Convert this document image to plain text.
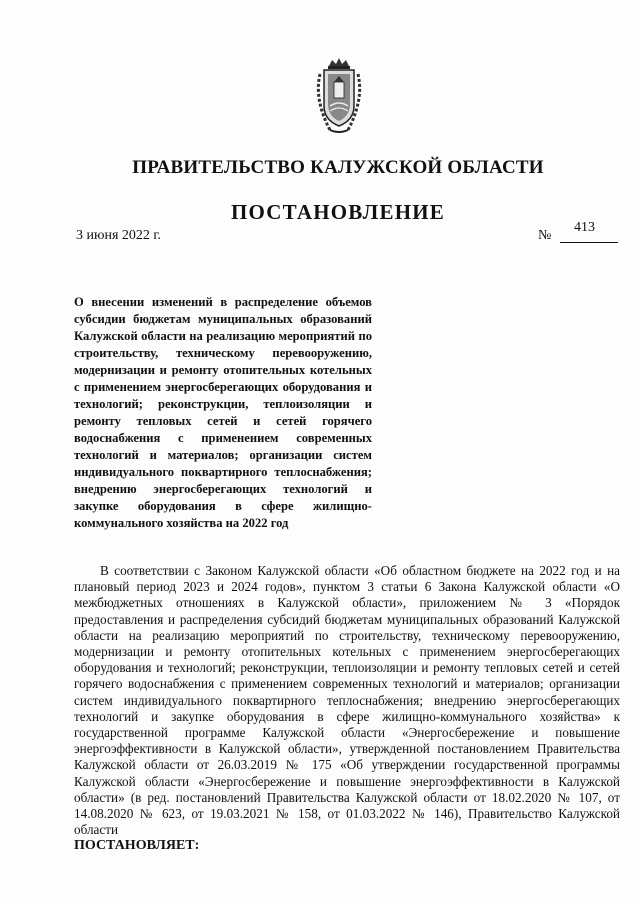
ПРАВИТЕЛЬСТВО КАЛУЖСКОЙ ОБЛАСТИ
ПОСТАНОВЛЕНИЕ
3 июня 2022 г.	№
413
О внесении изменений в распределение объемов субсидии бюджетам муниципальных образований Калужской области на реализацию мероприятий по строительству, техническому перевооружению, модернизации и ремонту отопительных котельных с применением энергосберегающих оборудования и технологий; реконструкции, теплоизоляции и ремонту тепловых сетей и сетей горячего водоснабжения с применением современных технологий и материалов; организации систем индивидуального поквартирного теплоснабжения; внедрению энергосберегающих технологий и закупке оборудования в сфере жилищно-коммунального хозяйства на 2022 год
В соответствии с Законом Калужской области «Об областном бюджете на 2022 год и на плановый период 2023 и 2024 годов», пунктом 3 статьи 6 Закона Калужской области «О межбюджетных отношениях в Калужской области», приложением № 3 «Порядок предоставления и распределения субсидий бюджетам муниципальных образований Калужской области на реализацию мероприятий по строительству, техническому перевооружению, модернизации и ремонту отопительных котельных с применением энергосберегающих оборудования и технологий; реконструкции, теплоизоляции и ремонту тепловых сетей и сетей горячего водоснабжения с применением современных технологий и материалов; организации систем индивидуального поквартирного теплоснабжения; внедрению энергосберегающих технологий и закупке оборудования в сфере жилищно-коммунального хозяйства» к государственной программе Калужской области «Энергосбережение и повышение энергоэффективности в Калужской области», утвержденной постановлением Правительства Калужской области от 26.03.2019 № 175 «Об утверждении государственной программы Калужской области «Энергосбережение и повышение энергоэффективности в Калужской области» (в ред. постановлений Правительства Калужской области от 18.02.2020 № 107, от 14.08.2020 № 623, от 19.03.2021 № 158, от 01.03.2022 № 146), Правительство Калужской области
ПОСТАНОВЛЯЕТ:
